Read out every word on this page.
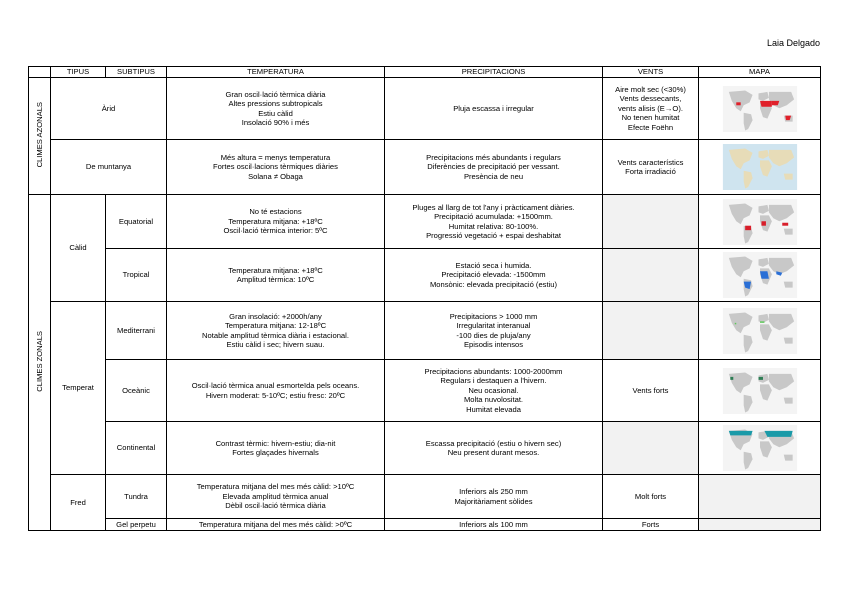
Laia Delgado
	TIPUS	SUBTIPUS	TEMPERATURA	PRECIPITACIONS	VENTS	MAPA
CLIMES AZONALS	Àrid		Gran oscil·lació tèrmica diària
Altes pressions subtropicals
Estiu càlid
Insolació 90% i més	Pluja escassa i irregular	Aire molt sec (<30%)
Vents dessecants,
vents alisis (E→O).
No tenen humitat
Efecte Foëhn

	De muntanya		Més altura = menys temperatura
Fortes oscil·lacions tèrmiques diàries
Solana ≠ Obaga	Precipitacions més abundants i regulars
Diferències de precipitació per vessant.
Presència de neu	Vents característics
Forta irradiació

CLIMES ZONALS	Càlid	Equatorial	No té estacions
Temperatura mitjana: +18ºC
Oscil·lació tèrmica interior: 5ºC	Pluges al llarg de tot l'any i pràcticament diàries.
Precipitació acumulada: +1500mm.
Humitat relativa: 80-100%.
Progressió vegetació + espai deshabitat

		Tropical	Temperatura mitjana: +18ºC
Amplitud tèrmica: 10ºC	Estació seca i humida.
Precipitació elevada: -1500mm
Monsònic: elevada precipitació (estiu)

	Temperat	Mediterrani	Gran insolació: +2000h/any
Temperatura mitjana: 12-18ºC
Notable amplitud tèrmica diària i estacional.
Estiu càlid i sec; hivern suau.	Precipitacions > 1000 mm
Irregularitat interanual
-100 dies de pluja/any
Episodis intensos

		Oceànic	Oscil·lació tèrmica anual esmorteïda pels oceans.
Hivern moderat: 5-10ºC; estiu fresc: 20ºC	Precipitacions abundants: 1000-2000mm
Regulars i destaquen a l'hivern.
Neu ocasional.
Molta nuvolositat.
Humitat elevada	Vents forts

		Continental	Contrast tèrmic: hivern-estiu; dia-nit
Fortes glaçades hivernals	Escassa precipitació (estiu o hivern sec)
Neu present durant mesos.

	Fred	Tundra	Temperatura mitjana del mes més càlid: >10ºC
Elevada amplitud tèrmica anual
Dèbil oscil·lació tèrmica diària	Inferiors als 250 mm
Majoritàriament sòlides	Molt forts	

		Gel perpetu	Temperatura mitjana del mes més càlid: >0ºC	Inferiors als 100 mm	Forts	
